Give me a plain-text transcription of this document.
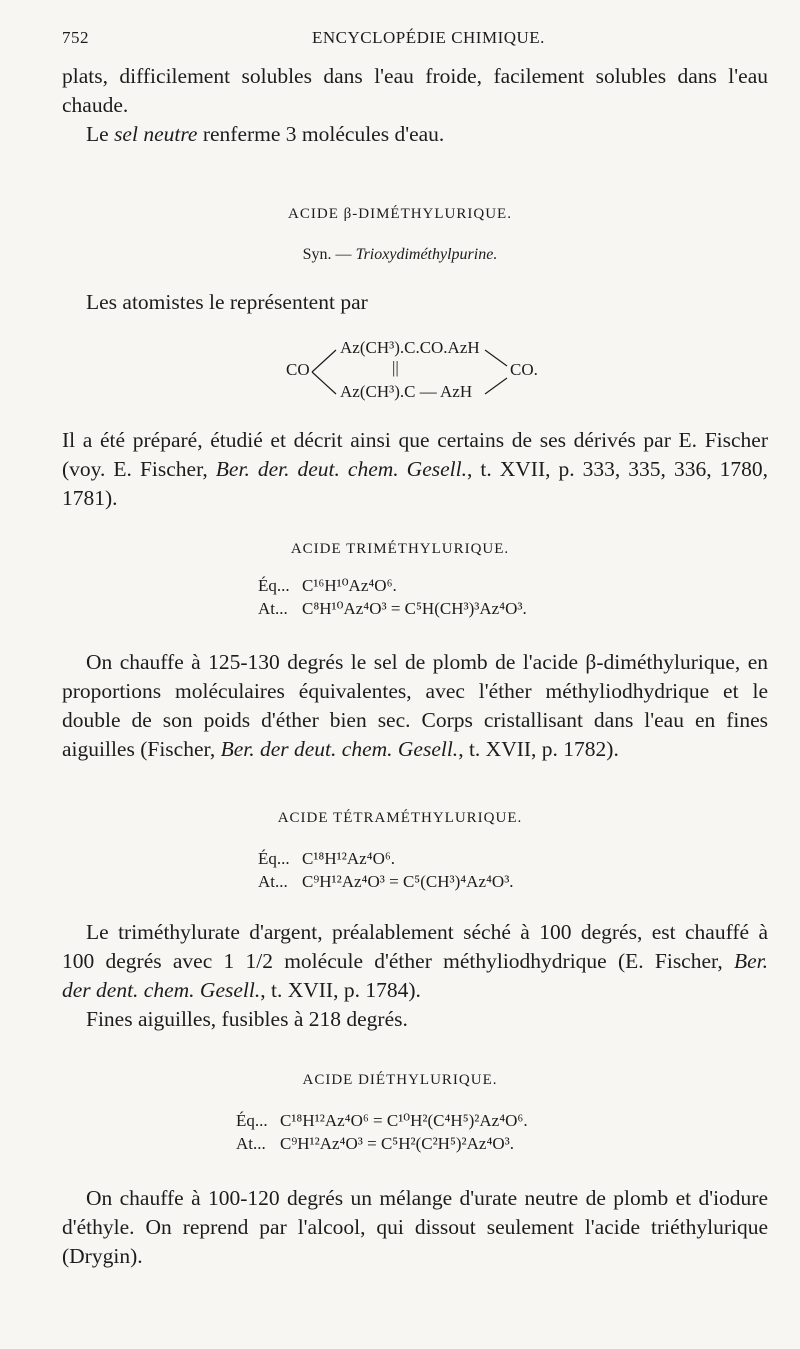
752	ENCYCLOPÉDIE CHIMIQUE.
plats, difficilement solubles dans l'eau froide, facilement solubles dans l'eau
chaude.
Le sel neutre renferme 3 molécules d'eau.
ACIDE β-DIMÉTHYLURIQUE.
Syn. — Trioxydiméthylpurine.
Les atomistes le représentent par
Az(CH³).C.CO.AzH
CO	||	CO.
Az(CH³).C — AzH
Il a été préparé, étudié et décrit ainsi que certains de ses dérivés par E. Fischer
(voy. E. Fischer, Ber. der. deut. chem. Gesell., t. XVII, p. 333, 335, 336, 1780,
1781).
ACIDE TRIMÉTHYLURIQUE.
Éq... C¹⁶H¹⁰Az⁴O⁶.
At... C⁸H¹⁰Az⁴O³ = C⁵H(CH³)³Az⁴O³.
On chauffe à 125-130 degrés le sel de plomb de l'acide β-diméthylurique, en
proportions moléculaires équivalentes, avec l'éther méthyliodhydrique et le
double de son poids d'éther bien sec. Corps cristallisant dans l'eau en fines
aiguilles (Fischer, Ber. der deut. chem. Gesell., t. XVII, p. 1782).
ACIDE TÉTRAMÉTHYLURIQUE.
Éq... C¹⁸H¹²Az⁴O⁶.
At... C⁹H¹²Az⁴O³ = C⁵(CH³)⁴Az⁴O³.
Le triméthylurate d'argent, préalablement séché à 100 degrés, est chauffé à
100 degrés avec 1 1/2 molécule d'éther méthyliodhydrique (E. Fischer, Ber.
der dent. chem. Gesell., t. XVII, p. 1784).
Fines aiguilles, fusibles à 218 degrés.
ACIDE DIÉTHYLURIQUE.
Éq... C¹⁸H¹²Az⁴O⁶ = C¹⁰H²(C⁴H⁵)²Az⁴O⁶.
At... C⁹H¹²Az⁴O³ = C⁵H²(C²H⁵)²Az⁴O³.
On chauffe à 100-120 degrés un mélange d'urate neutre de plomb et d'iodure
d'éthyle. On reprend par l'alcool, qui dissout seulement l'acide triéthylurique
(Drygin).
